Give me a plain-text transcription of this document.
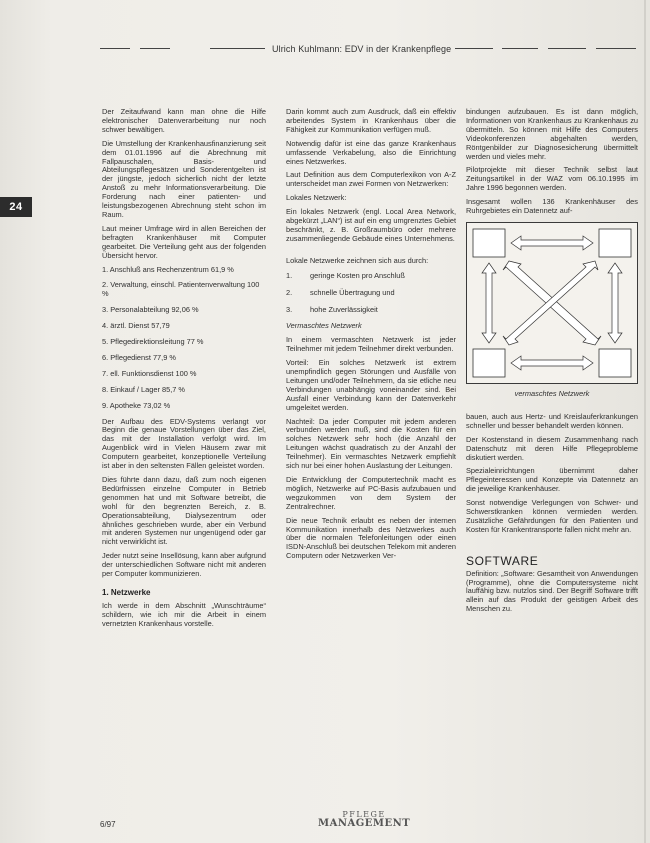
Ulrich Kuhlmann: EDV in der Krankenpflege
24

Der Zeitaufwand kann man ohne die Hilfe elektronischer Datenverarbeitung nur noch schwer bewältigen.

Die Umstellung der Krankenhausfinanzierung seit dem 01.01.1996 auf die Abrechnung mit Fallpauschalen, Basis- und Abteilungspflegesätzen und Sonderentgelten ist der jüngste, jedoch sicherlich nicht der letzte Anstoß zu mehr Informationsverarbeitung. Die Forderung nach einer patienten- und leistungsbezogenen Abrechnung steht schon im Raum.

Laut meiner Umfrage wird in allen Bereichen der befragten Krankenhäuser mit Computer gearbeitet. Die Verteilung geht aus der folgenden Übersicht hervor.

1. Anschluß ans Rechenzentrum 61,9 %
2. Verwaltung, einschl. Patientenverwaltung 100 %
3. Personalabteilung 92,06 %
4. ärztl. Dienst 57,79
5. Pflegedirektionsleitung 77 %
6. Pflegedienst 77,9 %
7. ell. Funktionsdienst 100 %
8. Einkauf / Lager 85,7 %
9. Apotheke 73,02 %

Der Aufbau des EDV-Systems verlangt vor Beginn die genaue Vorstellungen über das Ziel, das mit der Installation verfolgt wird. Im Augenblick wird in Vielen Häusern zwar mit Computern gearbeitet, konzeptionelle Verteilung ist aber in den seltensten Fällen geleistet worden.

Dies führte dann dazu, daß zum noch eigenen Bedürfnissen einzelne Computer in Betrieb genommen hat und mit Software betreibt, die wohl für den begrenzten Bereich, z. B. Operationsabteilung, Dialysezentrum oder ähnliches geschrieben wurde, aber ein Verbund mit anderen Systemen nur ungenügend oder gar nicht verwirklicht ist.

Jeder nutzt seine Insellösung, kann aber aufgrund der unterschiedlichen Software nicht mit anderen per Computer kommunizieren.

1. Netzwerke

Ich werde in dem Abschnitt „Wunschträume“ schildern, wie ich mir die Arbeit in einem vernetzten Krankenhaus vorstelle.

Darin kommt auch zum Ausdruck, daß ein effektiv arbeitendes System in Krankenhaus über die Fähigkeit zur Kommunikation verfügen muß.

Notwendig dafür ist eine das ganze Krankenhaus umfassende Verkabelung, also die Einrichtung eines Netzwerkes.

Laut Definition aus dem Computerlexikon von A-Z unterscheidet man zwei Formen von Netzwerken:

Lokales Netzwerk:

Ein lokales Netzwerk (engl. Local Area Network, abgekürzt „LAN“) ist auf ein eng umgrenztes Gebiet beschränkt, z. B. Großraumbüro oder mehrere zusammenliegende Gebäude eines Unternehmens.

Lokale Netzwerke zeichnen sich aus durch:

1.	geringe Kosten pro Anschluß
2.	schnelle Übertragung und
3.	hohe Zuverlässigkeit

Vermaschtes Netzwerk

In einem vermaschten Netzwerk ist jeder Teilnehmer mit jedem Teilnehmer direkt verbunden.

Vorteil: Ein solches Netzwerk ist extrem unempfindlich gegen Störungen und Ausfälle von Leitungen und/oder Teilnehmern, da sie etliche neu Verbindungen unabhängig voneinander sind. Bei Ausfall einer Verbindung kann der Datenverkehr umgeleitet werden.

Nachteil: Da jeder Computer mit jedem anderen verbunden werden muß, sind die Kosten für ein solches Netzwerk sehr hoch (die Anzahl der Leitungen wächst quadratisch zu der Anzahl der Teilnehmer). Ein vermaschtes Netzwerk empfiehlt sich nur bei einer hohen Auslastung der Leitungen.

Die Entwicklung der Computertechnik macht es möglich, Netzwerke auf PC-Basis aufzubauen und wegzukommen von dem System der Zentralrechner.

Die neue Technik erlaubt es neben der internen Kommunikation innerhalb des Netzwerkes auch über die normalen Telefonleitungen oder einen ISDN-Anschluß bei deutschen Telekom mit anderen Computern oder Netzwerken Ver-

bindungen aufzubauen. Es ist dann möglich, Informationen von Krankenhaus zu Krankenhaus zu übermitteln. So können mit Hilfe des Computers Videokonferenzen abgehalten werden, Röntgenbilder zur Diagnosesicherung übermittelt werden und vieles mehr.

Pilotprojekte mit dieser Technik selbst laut Zeitungsartikel in der WAZ vom 06.10.1995 im Jahre 1996 begonnen werden.

Insgesamt wollen 136 Krankenhäuser des Ruhrgebietes ein Datennetz auf-

vermaschtes Netzwerk

bauen, auch aus Hertz- und Kreislauferkrankungen schneller und besser behandelt werden können.

Der Kostenstand in diesem Zusammenhang nach Datenschutz mit deren Hilfe Pflegeprobleme diskutiert werden.

Spezialeinrichtungen übernimmt daher Pflegeinteressen und Konzepte via Datennetz an die jeweilige Krankenhäuser.

Sonst notwendige Verlegungen von Schwer- und Schwerstkranken können vermieden werden. Zusätzliche Gefährdungen für den Patienten und Kosten für Krankentransporte fallen nicht mehr an.

SOFTWARE

Definition: „Software: Gesamtheit von Anwendungen (Programme), ohne die Computersysteme nicht lauffähig bzw. nutzlos sind. Der Begriff Software trifft allein auf das Produkt der geistigen Arbeit des Menschen zu.

6/97
PFLEGE
MANAGEMENT
